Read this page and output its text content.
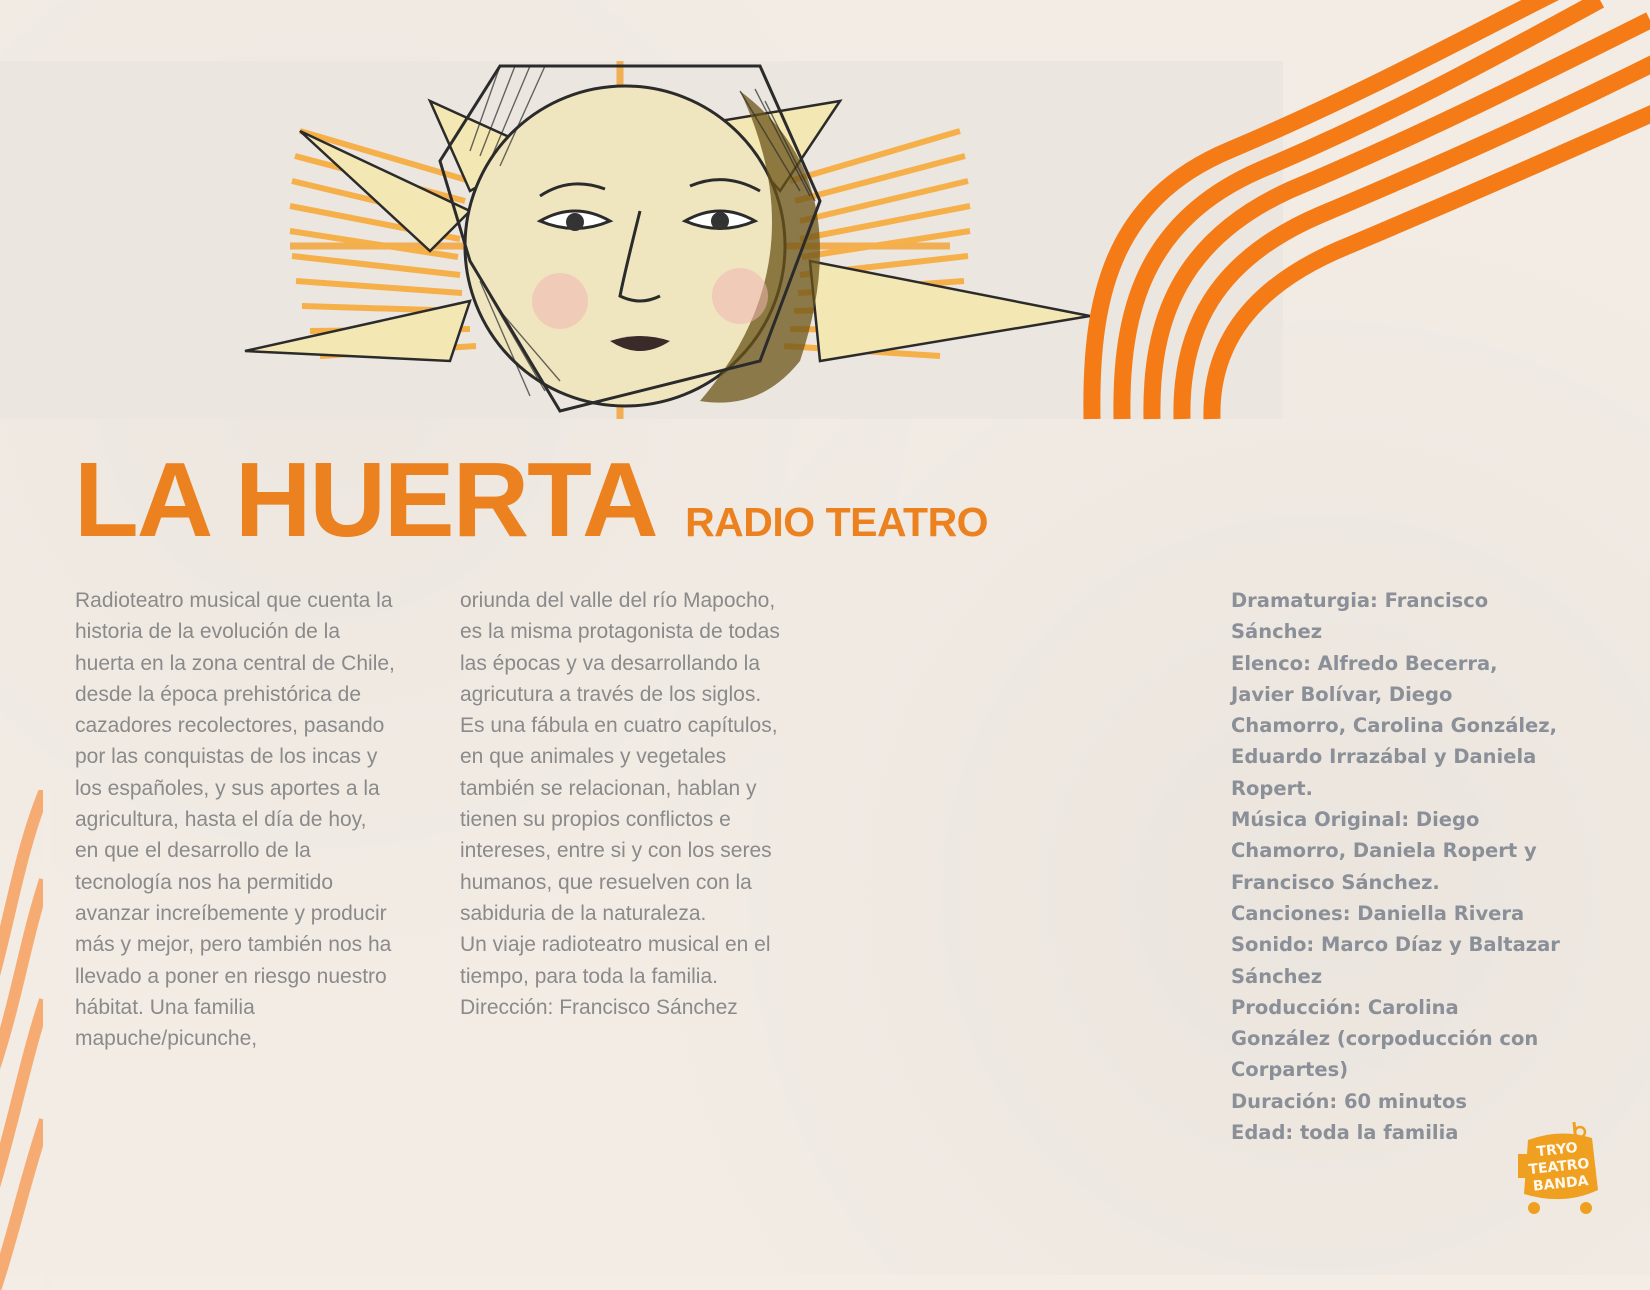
LA HUERTA RADIO TEATRO

Radioteatro musical que cuenta la historia de la evolución de la huerta en la zona central de Chile, desde la época prehistórica de cazadores recolectores, pasando por las conquistas de los incas y los españoles, y sus aportes a la agricultura, hasta el día de hoy, en que el desarrollo de la tecnología nos ha permitido avanzar increíbemente y producir más y mejor, pero también nos ha llevado a poner en riesgo nuestro hábitat. Una familia mapuche/picunche,

oriunda del valle del río Mapocho, es la misma protagonista de todas las épocas y va desarrollando la agricutura a través de los siglos.

Es una fábula en cuatro capítulos, en que animales y vegetales también se relacionan, hablan y tienen su propios conflictos e intereses, entre si y con los seres humanos, que resuelven con la sabiduria de la naturaleza.

Un viaje radioteatro musical en el tiempo, para toda la familia.

Dirección: Francisco Sánchez

Dramaturgia: Francisco Sánchez

Elenco: Alfredo Becerra, Javier Bolívar, Diego Chamorro, Carolina González, Eduardo Irrazábal y Daniela Ropert.

Música Original: Diego Chamorro, Daniela Ropert y Francisco Sánchez.

Canciones: Daniella Rivera

Sonido: Marco Díaz y Baltazar Sánchez

Producción: Carolina González (corpoducción con Corpartes)

Duración: 60 minutos

Edad: toda la familia

TRYO
TEATRO
BANDA
